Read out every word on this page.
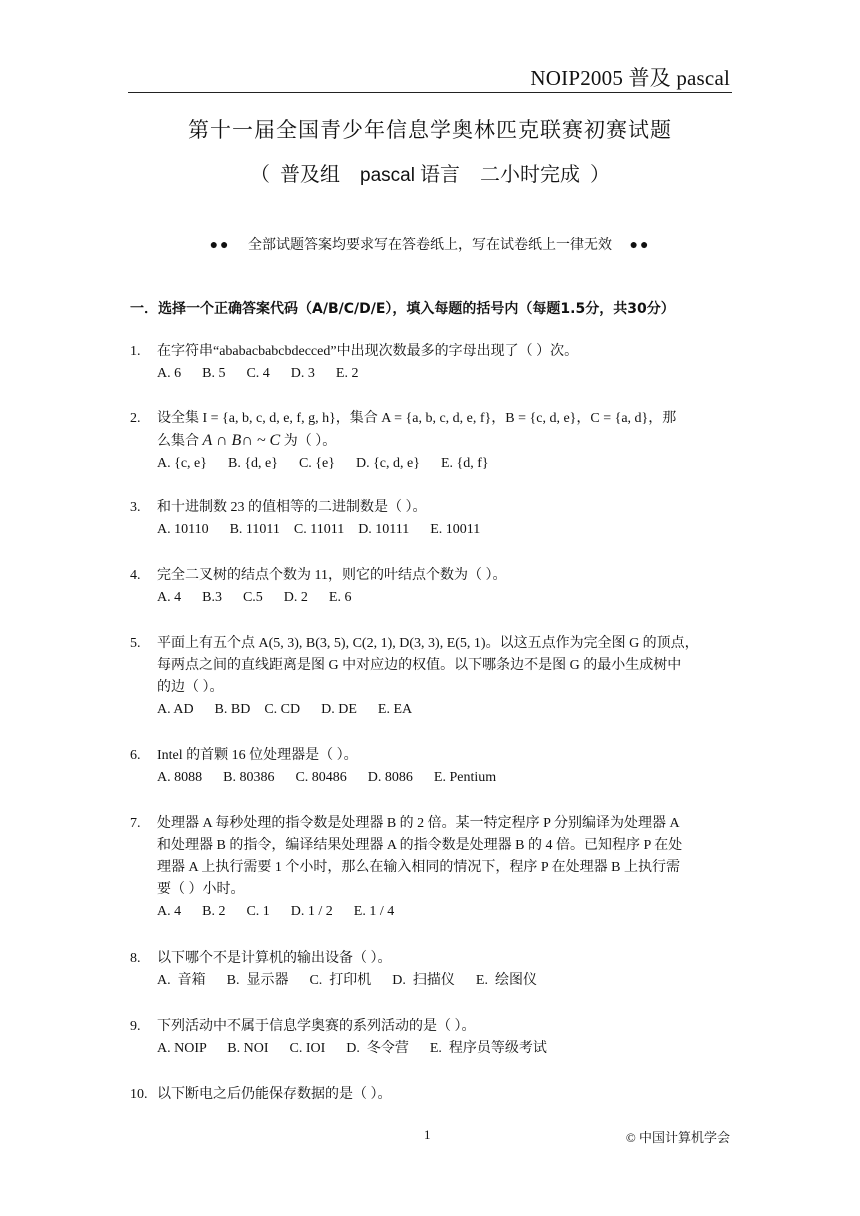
NOIP2005 普及 pascal
第十一届全国青少年信息学奥林匹克联赛初赛试题
（  普及组    pascal 语言    二小时完成  ）
●● 全部试题答案均要求写在答卷纸上，写在试卷纸上一律无效 ●●
一．选择一个正确答案代码（A/B/C/D/E），填入每题的括号内（每题1.5分，共30分）
1. 在字符串“ababacbabcbdecced”中出现次数最多的字母出现了（ ）次。
A. 6      B. 5      C. 4      D. 3      E. 2
2. 设全集 I = {a, b, c, d, e, f, g, h}，集合 A = {a, b, c, d, e, f}，B = {c, d, e}，C = {a, d}，那
么集合 A ∩ B∩ ~ C 为（ ）。
A. {c, e}      B. {d, e}      C. {e}      D. {c, d, e}      E. {d, f}
3. 和十进制数 23 的值相等的二进制数是（ ）。
A. 10110      B. 11011    C. 11011    D. 10111      E. 10011
4. 完全二叉树的结点个数为 11，则它的叶结点个数为（ ）。
A. 4      B.3      C.5      D. 2      E. 6
5. 平面上有五个点 A(5, 3), B(3, 5), C(2, 1), D(3, 3), E(5, 1)。以这五点作为完全图 G 的顶点，
每两点之间的直线距离是图 G 中对应边的权值。以下哪条边不是图 G 的最小生成树中
的边（ ）。
A. AD      B. BD    C. CD      D. DE      E. EA
6. Intel 的首颗 16 位处理器是（ ）。
A. 8088      B. 80386      C. 80486      D. 8086      E. Pentium
7. 处理器 A 每秒处理的指令数是处理器 B 的 2 倍。某一特定程序 P 分别编译为处理器 A
和处理器 B 的指令，编译结果处理器 A 的指令数是处理器 B 的 4 倍。已知程序 P 在处
理器 A 上执行需要 1 个小时，那么在输入相同的情况下，程序 P 在处理器 B 上执行需
要（ ）小时。
A. 4      B. 2      C. 1      D. 1 / 2      E. 1 / 4
8. 以下哪个不是计算机的输出设备（ ）。
A.  音箱      B.  显示器      C.  打印机      D.  扫描仪      E.  绘图仪
9. 下列活动中不属于信息学奥赛的系列活动的是（ ）。
A. NOIP      B. NOI      C. IOI      D.  冬令营      E.  程序员等级考试
10. 以下断电之后仍能保存数据的是（ ）。
1	© 中国计算机学会
